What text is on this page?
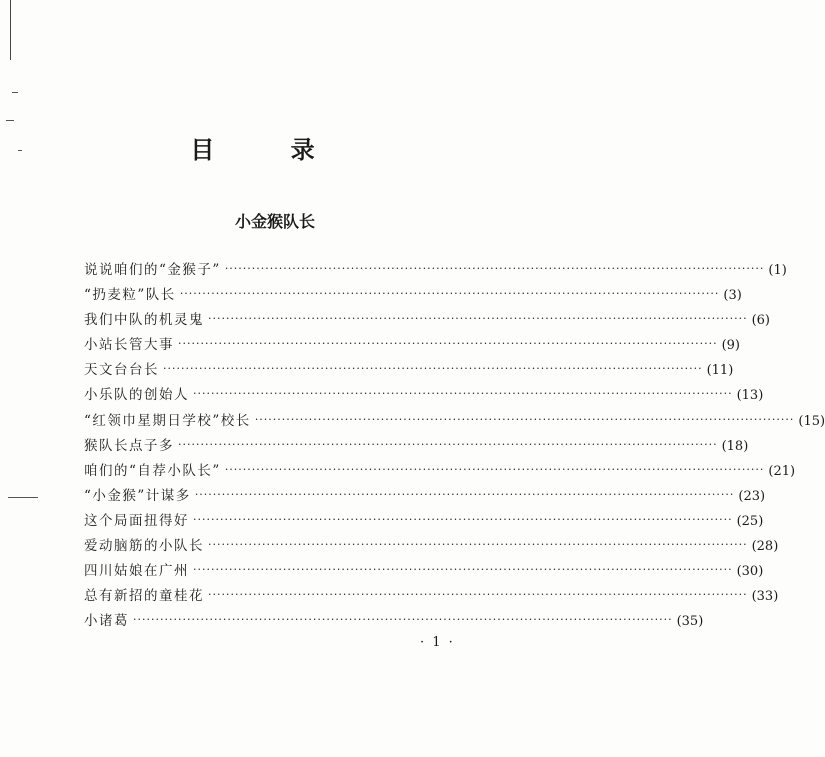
目 录
小金猴队长
说说咱们的“金猴子” ························································································································ (1)
“扔麦粒”队长 ························································································································ (3)
我们中队的机灵鬼 ························································································································ (6)
小站长管大事 ························································································································ (9)
天文台台长 ························································································································ (11)
小乐队的创始人 ························································································································ (13)
“红领巾星期日学校”校长 ························································································································ (15)
猴队长点子多 ························································································································ (18)
咱们的“自荐小队长” ························································································································ (21)
“小金猴”计谋多 ························································································································ (23)
这个局面扭得好 ························································································································ (25)
爱动脑筋的小队长 ························································································································ (28)
四川姑娘在广州 ························································································································ (30)
总有新招的童桂花 ························································································································ (33)
小诸葛 ························································································································ (35)
· 1 ·
